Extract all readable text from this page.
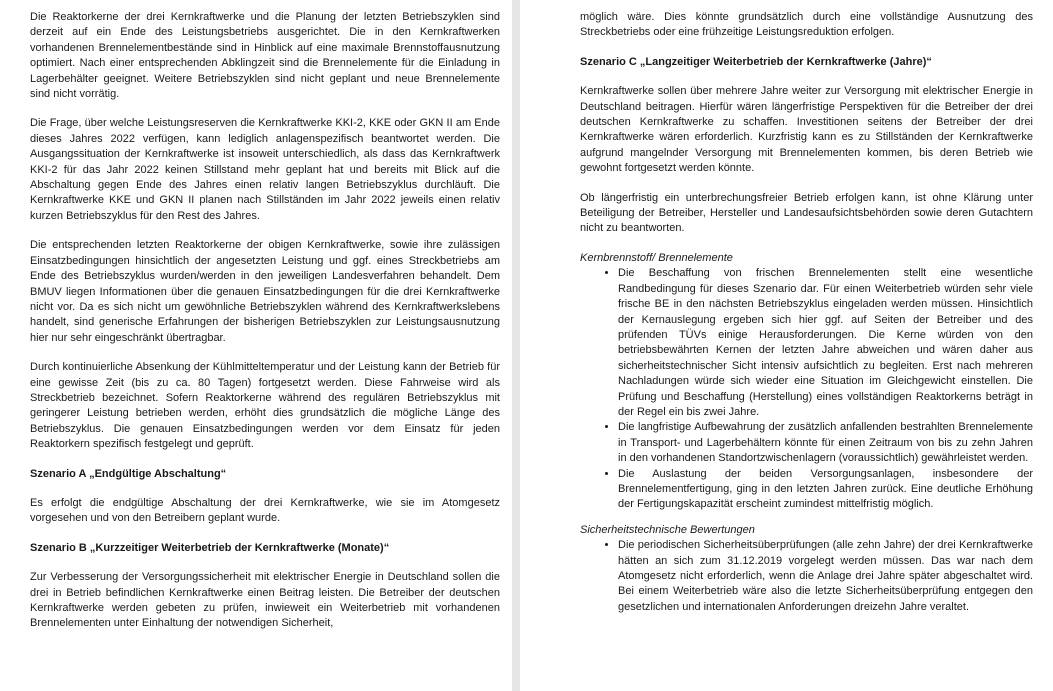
Die Reaktorkerne der drei Kernkraftwerke und die Planung der letzten Betriebszyklen sind derzeit auf ein Ende des Leistungsbetriebs ausgerichtet. Die in den Kernkraftwerken vorhandenen Brennelementbestände sind in Hinblick auf eine maximale Brennstoffausnutzung optimiert. Nach einer entsprechenden Abklingzeit sind die Brennelemente für die Einladung in Lagerbehälter geeignet. Weitere Betriebszyklen sind nicht geplant und neue Brennelemente sind nicht vorrätig.

Die Frage, über welche Leistungsreserven die Kernkraftwerke KKI-2, KKE oder GKN II am Ende dieses Jahres 2022 verfügen, kann lediglich anlagenspezifisch beantwortet werden. Die Ausgangssituation der Kernkraftwerke ist insoweit unterschiedlich, als dass das Kernkraftwerk KKI-2 für das Jahr 2022 keinen Stillstand mehr geplant hat und bereits mit Blick auf die Abschaltung gegen Ende des Jahres einen relativ langen Betriebszyklus durchläuft. Die Kernkraftwerke KKE und GKN II planen nach Stillständen im Jahr 2022 jeweils einen relativ kurzen Betriebszyklus für den Rest des Jahres.

Die entsprechenden letzten Reaktorkerne der obigen Kernkraftwerke, sowie ihre zulässigen Einsatzbedingungen hinsichtlich der angesetzten Leistung und ggf. eines Streckbetriebs am Ende des Betriebszyklus wurden/werden in den jeweiligen Landesverfahren behandelt. Dem BMUV liegen Informationen über die genauen Einsatzbedingungen für die drei Kernkraftwerke nicht vor. Da es sich nicht um gewöhnliche Betriebszyklen während des Kernkraftwerkslebens handelt, sind generische Erfahrungen der bisherigen Betriebszyklen zur Leistungsausnutzung hier nur sehr eingeschränkt übertragbar.

Durch kontinuierliche Absenkung der Kühlmitteltemperatur und der Leistung kann der Betrieb für eine gewisse Zeit (bis zu ca. 80 Tagen) fortgesetzt werden. Diese Fahrweise wird als Streckbetrieb bezeichnet. Sofern Reaktorkerne während des regulären Betriebszyklus mit geringerer Leistung betrieben werden, erhöht dies grundsätzlich die mögliche Länge des Betriebszyklus. Die genauen Einsatzbedingungen werden vor dem Einsatz für jeden Reaktorkern spezifisch festgelegt und geprüft.

Szenario A „Endgültige Abschaltung“

Es erfolgt die endgültige Abschaltung der drei Kernkraftwerke, wie sie im Atomgesetz vorgesehen und von den Betreibern geplant wurde.

Szenario B „Kurzzeitiger Weiterbetrieb der Kernkraftwerke (Monate)“

Zur Verbesserung der Versorgungssicherheit mit elektrischer Energie in Deutschland sollen die drei in Betrieb befindlichen Kernkraftwerke einen Beitrag leisten. Die Betreiber der deutschen Kernkraftwerke werden gebeten zu prüfen, inwieweit ein Weiterbetrieb mit vorhandenen Brennelementen unter Einhaltung der notwendigen Sicherheit,

möglich wäre. Dies könnte grundsätzlich durch eine vollständige Ausnutzung des Streckbetriebs oder eine frühzeitige Leistungsreduktion erfolgen.

Szenario C „Langzeitiger Weiterbetrieb der Kernkraftwerke (Jahre)“

Kernkraftwerke sollen über mehrere Jahre weiter zur Versorgung mit elektrischer Energie in Deutschland beitragen. Hierfür wären längerfristige Perspektiven für die Betreiber der drei deutschen Kernkraftwerke zu schaffen. Investitionen seitens der Betreiber der drei Kernkraftwerke wären erforderlich. Kurzfristig kann es zu Stillständen der Kernkraftwerke aufgrund mangelnder Versorgung mit Brennelementen kommen, bis deren Betrieb wie gewohnt fortgesetzt werden könnte.

Ob längerfristig ein unterbrechungsfreier Betrieb erfolgen kann, ist ohne Klärung unter Beteiligung der Betreiber, Hersteller und Landesaufsichtsbehörden sowie deren Gutachtern nicht zu beantworten.

Kernbrennstoff/ Brennelemente
• Die Beschaffung von frischen Brennelementen stellt eine wesentliche Randbedingung für dieses Szenario dar. Für einen Weiterbetrieb würden sehr viele frische BE in den nächsten Betriebszyklus eingeladen werden müssen. Hinsichtlich der Kernauslegung ergeben sich hier ggf. auf Seiten der Betreiber und des prüfenden TÜVs einige Herausforderungen. Die Kerne würden von den betriebsbewährten Kernen der letzten Jahre abweichen und wären daher aus sicherheitstechnischer Sicht intensiv aufsichtlich zu begleiten. Erst nach mehreren Nachladungen würde sich wieder eine Situation im Gleichgewicht einstellen. Die Prüfung und Beschaffung (Herstellung) eines vollständigen Reaktorkerns beträgt in der Regel ein bis zwei Jahre.
• Die langfristige Aufbewahrung der zusätzlich anfallenden bestrahlten Brennelemente in Transport- und Lagerbehältern könnte für einen Zeitraum von bis zu zehn Jahren in den vorhandenen Standortzwischenlagern (voraussichtlich) gewährleistet werden.
• Die Auslastung der beiden Versorgungsanlagen, insbesondere der Brennelementfertigung, ging in den letzten Jahren zurück. Eine deutliche Erhöhung der Fertigungskapazität erscheint zumindest mittelfristig möglich.
Sicherheitstechnische Bewertungen
• Die periodischen Sicherheitsüberprüfungen (alle zehn Jahre) der drei Kernkraftwerke hätten an sich zum 31.12.2019 vorgelegt werden müssen. Das war nach dem Atomgesetz nicht erforderlich, wenn die Anlage drei Jahre später abgeschaltet wird. Bei einem Weiterbetrieb wäre also die letzte Sicherheitsüberprüfung entgegen den gesetzlichen und internationalen Anforderungen dreizehn Jahre veraltet.
